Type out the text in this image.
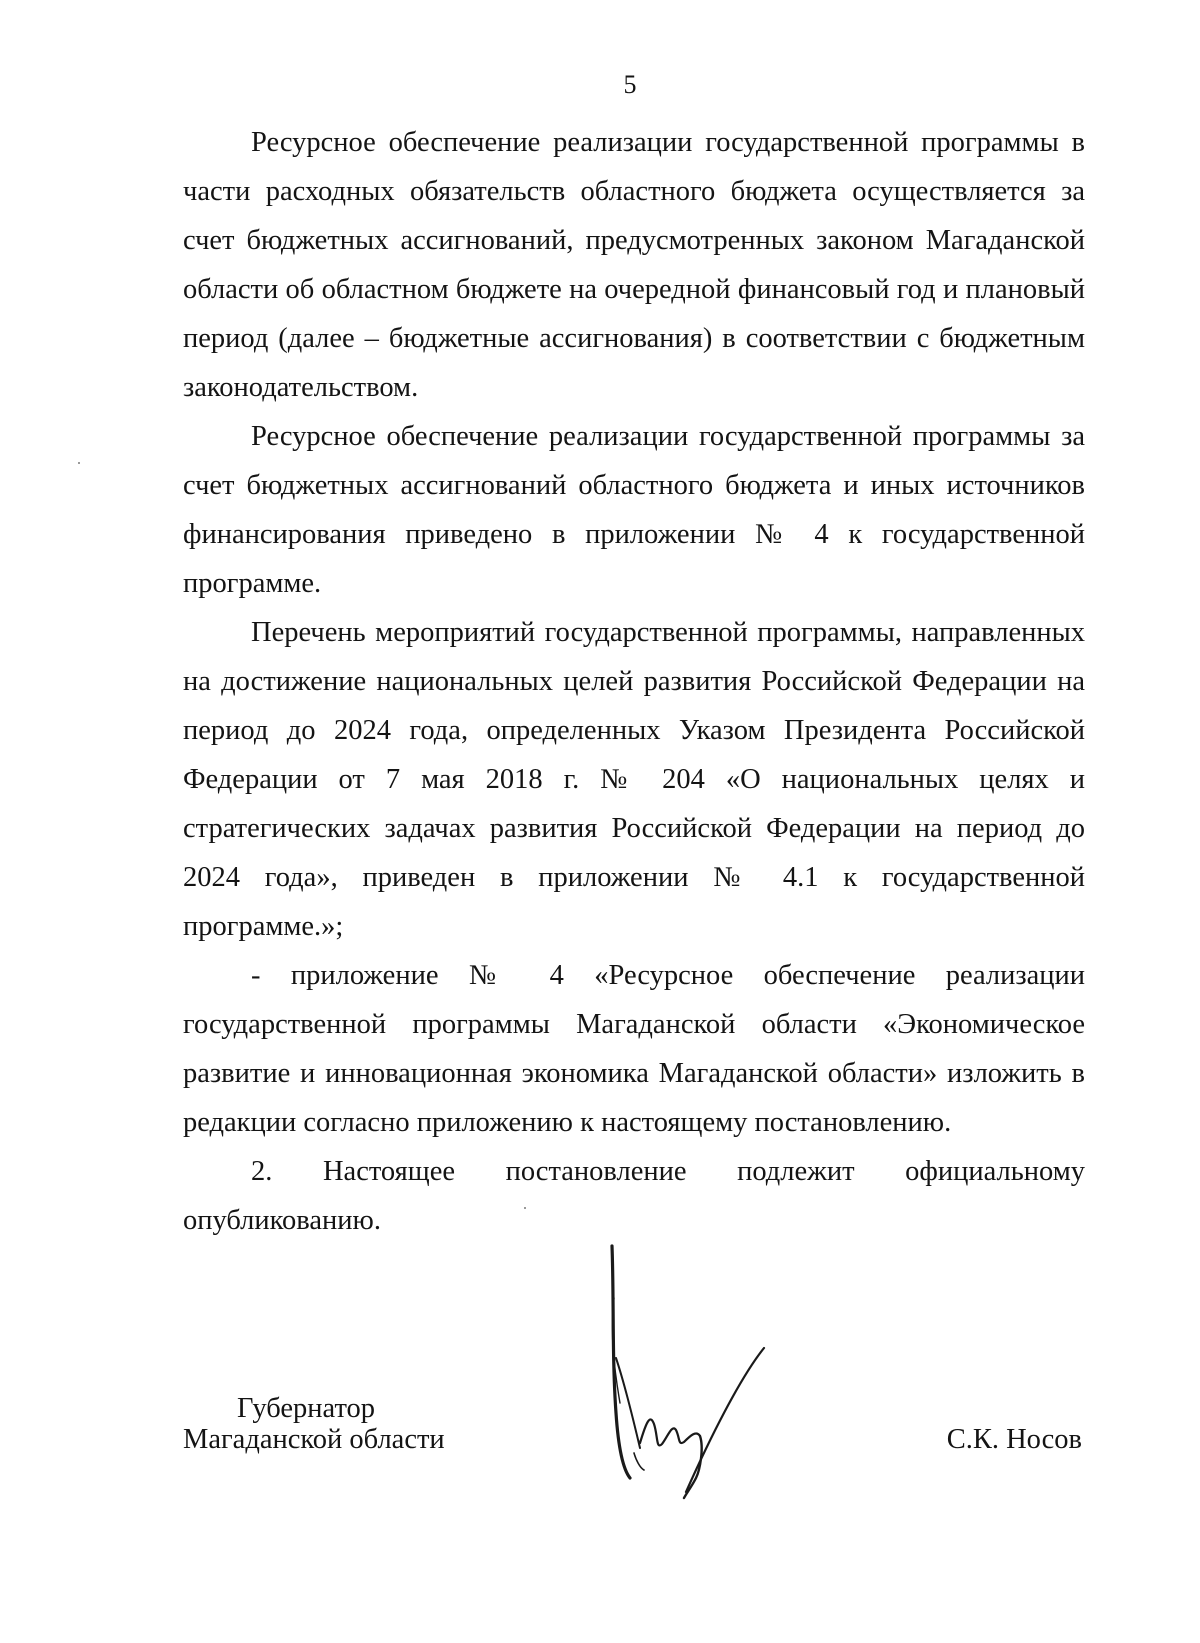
5

Ресурсное обеспечение реализации государственной программы в части расходных обязательств областного бюджета осуществляется за счет бюджетных ассигнований, предусмотренных законом Магаданской области об областном бюджете на очередной финансовый год и плановый период (далее – бюджетные ассигнования) в соответствии с бюджетным законодательством.

Ресурсное обеспечение реализации государственной программы за счет бюджетных ассигнований областного бюджета и иных источников финансирования приведено в приложении № 4 к государственной программе.

Перечень мероприятий государственной программы, направленных на достижение национальных целей развития Российской Федерации на период до 2024 года, определенных Указом Президента Российской Федерации от 7 мая 2018 г. № 204 «О национальных целях и стратегических задачах развития Российской Федерации на период до 2024 года», приведен в приложении № 4.1 к государственной программе.»;

- приложение № 4 «Ресурсное обеспечение реализации государственной программы Магаданской области «Экономическое развитие и инновационная экономика Магаданской области» изложить в редакции согласно приложению к настоящему постановлению.

2. Настоящее постановление подлежит официальному опубликованию.

Губернатор
Магаданской области	С.К. Носов
